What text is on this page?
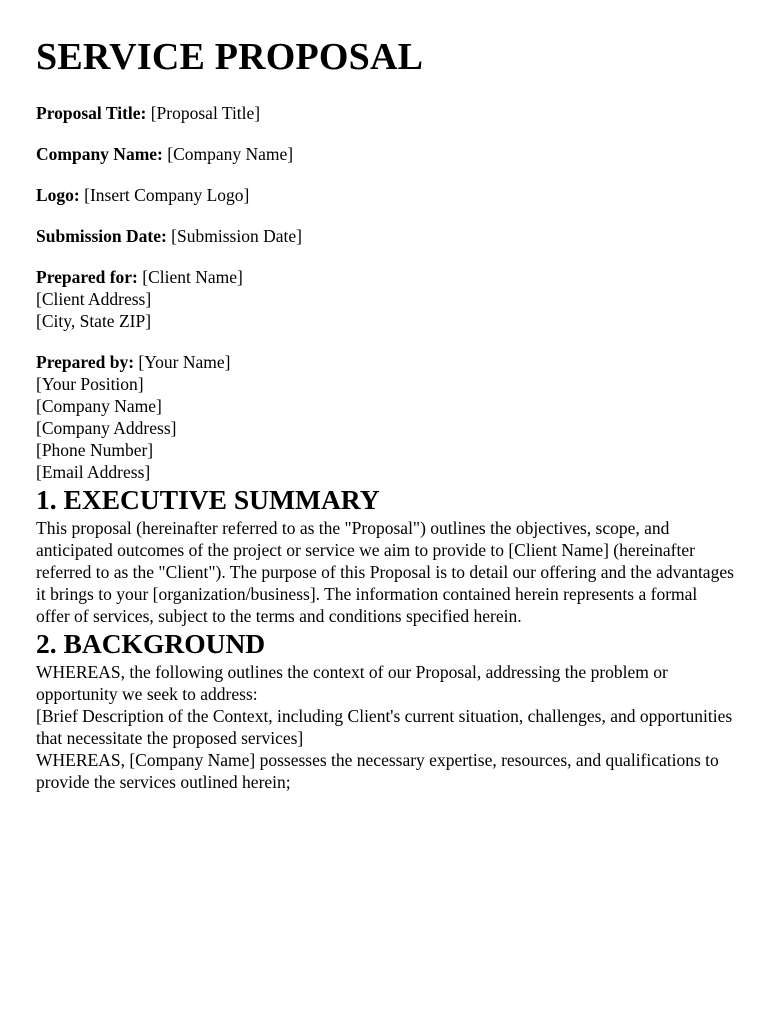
SERVICE PROPOSAL
Proposal Title: [Proposal Title]
Company Name: [Company Name]
Logo: [Insert Company Logo]
Submission Date: [Submission Date]
Prepared for: [Client Name]
[Client Address]
[City, State ZIP]
Prepared by: [Your Name]
[Your Position]
[Company Name]
[Company Address]
[Phone Number]
[Email Address]
1. EXECUTIVE SUMMARY

This proposal (hereinafter referred to as the "Proposal") outlines the objectives, scope, and anticipated outcomes of the project or service we aim to provide to [Client Name] (hereinafter referred to as the "Client"). The purpose of this Proposal is to detail our offering and the advantages it brings to your [organization/business]. The information contained herein represents a formal offer of services, subject to the terms and conditions specified herein.

2. BACKGROUND

WHEREAS, the following outlines the context of our Proposal, addressing the problem or opportunity we seek to address:

[Brief Description of the Context, including Client's current situation, challenges, and opportunities that necessitate the proposed services]

WHEREAS, [Company Name] possesses the necessary expertise, resources, and qualifications to provide the services outlined herein;
